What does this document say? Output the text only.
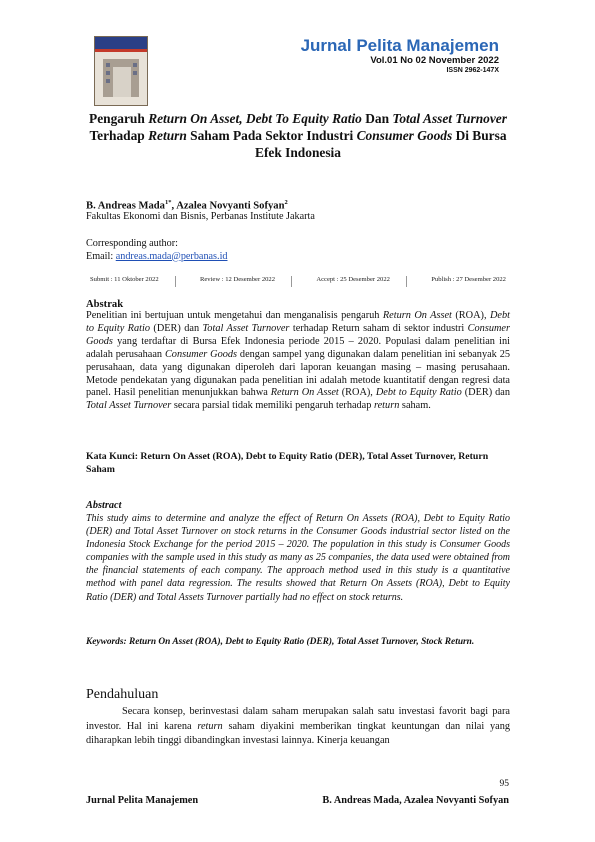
Jurnal Pelita Manajemen
Vol.01 No 02 November 2022
ISSN 2962-147X
Pengaruh Return On Asset, Debt To Equity Ratio Dan Total Asset Turnover Terhadap Return Saham Pada Sektor Industri Consumer Goods Di Bursa Efek Indonesia
B. Andreas Mada$^{1*}$, Azalea Novyanti Sofyan$^2$
Fakultas Ekonomi dan Bisnis, Perbanas Institute Jakarta
Corresponding author:
Email: andreas.mada@perbanas.id
Submit : 11 Oktober 2022	Review : 12 Desember 2022	Accept : 25 Desember 2022	Publish : 27 Desember 2022
Abstrak
Penelitian ini bertujuan untuk mengetahui dan menganalisis pengaruh Return On Asset (ROA), Debt to Equity Ratio (DER) dan Total Asset Turnover terhadap Return saham di sektor industri Consumer Goods yang terdaftar di Bursa Efek Indonesia periode 2015 – 2020. Populasi dalam penelitian ini adalah perusahaan Consumer Goods dengan sampel yang digunakan dalam penelitian ini sebanyak 25 perusahaan, data yang digunakan diperoleh dari laporan keuangan masing – masing perusahaan. Metode pendekatan yang digunakan pada penelitian ini adalah metode kuantitatif dengan regresi data panel. Hasil penelitian menunjukkan bahwa Return On Asset (ROA), Debt to Equity Ratio (DER) dan Total Asset Turnover secara parsial tidak memiliki pengaruh terhadap return saham.
Kata Kunci: Return On Asset (ROA), Debt to Equity Ratio (DER), Total Asset Turnover, Return Saham
Abstract
This study aims to determine and analyze the effect of Return On Assets (ROA), Debt to Equity Ratio (DER) and Total Asset Turnover on stock returns in the Consumer Goods industrial sector listed on the Indonesia Stock Exchange for the period 2015 – 2020. The population in this study is Consumer Goods companies with the sample used in this study as many as 25 companies, the data used were obtained from the financial statements of each company. The approach method used in this study is a quantitative method with panel data regression. The results showed that Return On Assets (ROA), Debt to Equity Ratio (DER) and Total Assets Turnover partially had no effect on stock returns.
Keywords: Return On Asset (ROA), Debt to Equity Ratio (DER), Total Asset Turnover, Stock Return.
Pendahuluan
Secara konsep, berinvestasi dalam saham merupakan salah satu investasi favorit bagi para investor. Hal ini karena return saham diyakini memberikan tingkat keuntungan dan nilai yang diharapkan lebih tinggi dibandingkan investasi lainnya. Kinerja keuangan
95
Jurnal Pelita Manajemen	B. Andreas Mada, Azalea Novyanti Sofyan
